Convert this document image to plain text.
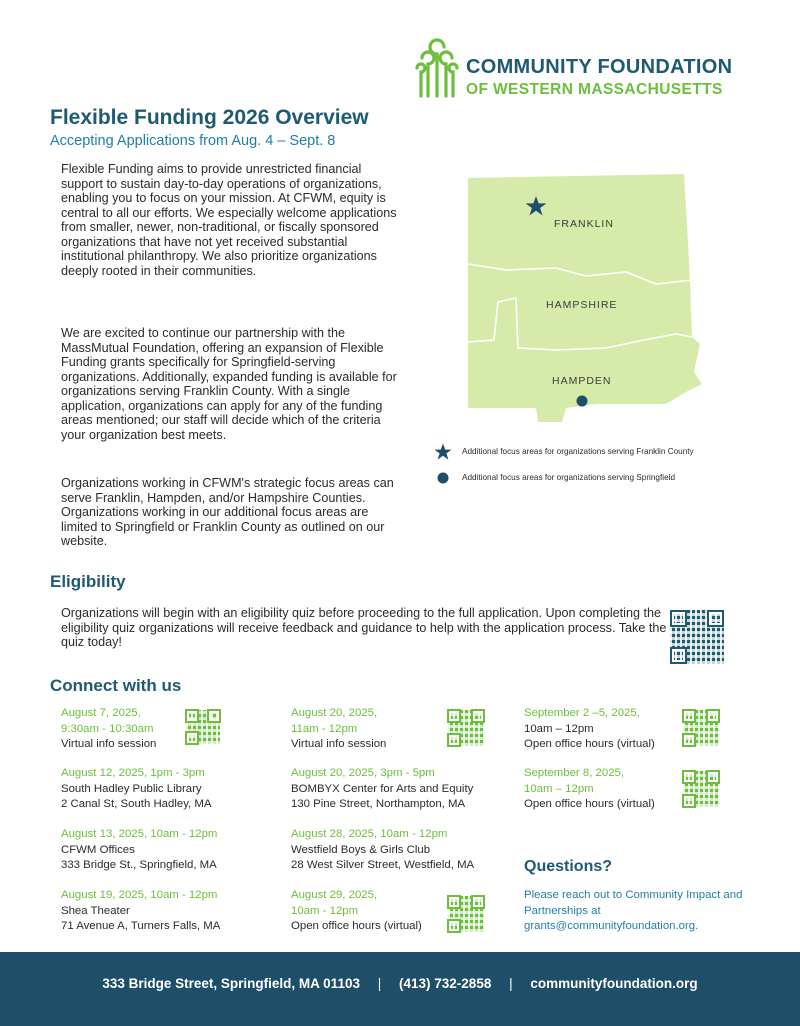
COMMUNITY FOUNDATION
OF WESTERN MASSACHUSETTS
Flexible Funding 2026 Overview
Accepting Applications from Aug. 4 – Sept. 8

Flexible Funding aims to provide unrestricted financial support to sustain day-to-day operations of organizations, enabling you to focus on your mission. At CFWM, equity is central to all our efforts. We especially welcome applications from smaller, newer, non-traditional, or fiscally sponsored organizations that have not yet received substantial institutional philanthropy. We also prioritize organizations deeply rooted in their communities.

We are excited to continue our partnership with the MassMutual Foundation, offering an expansion of Flexible Funding grants specifically for Springfield-serving organizations. Additionally, expanded funding is available for organizations serving Franklin County. With a single application, organizations can apply for any of the funding areas mentioned; our staff will decide which of the criteria your organization best meets.

Organizations working in CFWM's strategic focus areas can serve Franklin, Hampden, and/or Hampshire Counties. Organizations working in our additional focus areas are limited to Springfield or Franklin County as outlined on our website.

FRANKLIN
HAMPSHIRE
HAMPDEN
Additional focus areas for organizations serving Franklin County
Additional focus areas for organizations serving Springfield
Eligibility

Organizations will begin with an eligibility quiz before proceeding to the full application. Upon completing the eligibility quiz organizations will receive feedback and guidance to help with the application process. Take the quiz today!

Connect with us
August 7, 2025,
9:30am - 10:30am
Virtual info session
August 12, 2025, 1pm - 3pm
South Hadley Public Library
2 Canal St, South Hadley, MA
August 13, 2025, 10am - 12pm
CFWM Offices
333 Bridge St., Springfield, MA
August 19, 2025, 10am - 12pm
Shea Theater
71 Avenue A, Turners Falls, MA
August 20, 2025,
11am - 12pm
Virtual info session
August 20, 2025, 3pm - 5pm
BOMBYX Center for Arts and Equity
130 Pine Street, Northampton, MA
August 28, 2025, 10am - 12pm
Westfield Boys & Girls Club
28 West Silver Street, Westfield, MA
August 29, 2025,
10am - 12pm
Open office hours (virtual)
September 2 –5, 2025,
10am – 12pm
Open office hours (virtual)
September 8, 2025,
10am – 12pm
Open office hours (virtual)
Questions?
Please reach out to Community Impact and Partnerships at grants@communityfoundation.org.
333 Bridge Street, Springfield, MA 01103 | (413) 732-2858 | communityfoundation.org
